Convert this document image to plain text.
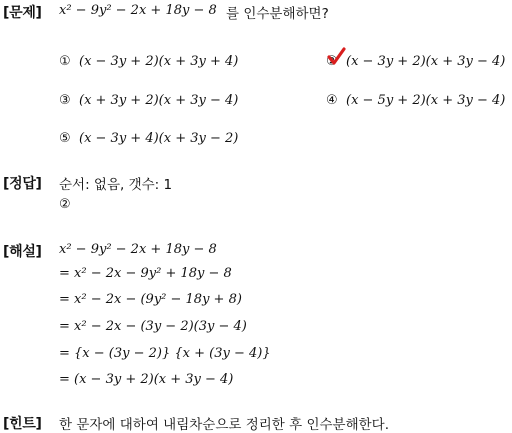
[문제] x² − 9y² − 2x + 18y − 8 를 인수분해하면?
① (x − 3y + 2)(x + 3y + 4)	② (x − 3y + 2)(x + 3y − 4)
③ (x + 3y + 2)(x + 3y − 4)	④ (x − 5y + 2)(x + 3y − 4)
⑤ (x − 3y + 4)(x + 3y − 2)
[정답] 순서: 없음, 갯수: 1
②
[해설] x² − 9y² − 2x + 18y − 8
= x² − 2x − 9y² + 18y − 8
= x² − 2x − (9y² − 18y + 8)
= x² − 2x − (3y − 2)(3y − 4)
= {x − (3y − 2)} {x + (3y − 4)}
= (x − 3y + 2)(x + 3y − 4)
[힌트] 한 문자에 대하여 내림차순으로 정리한 후 인수분해한다.
